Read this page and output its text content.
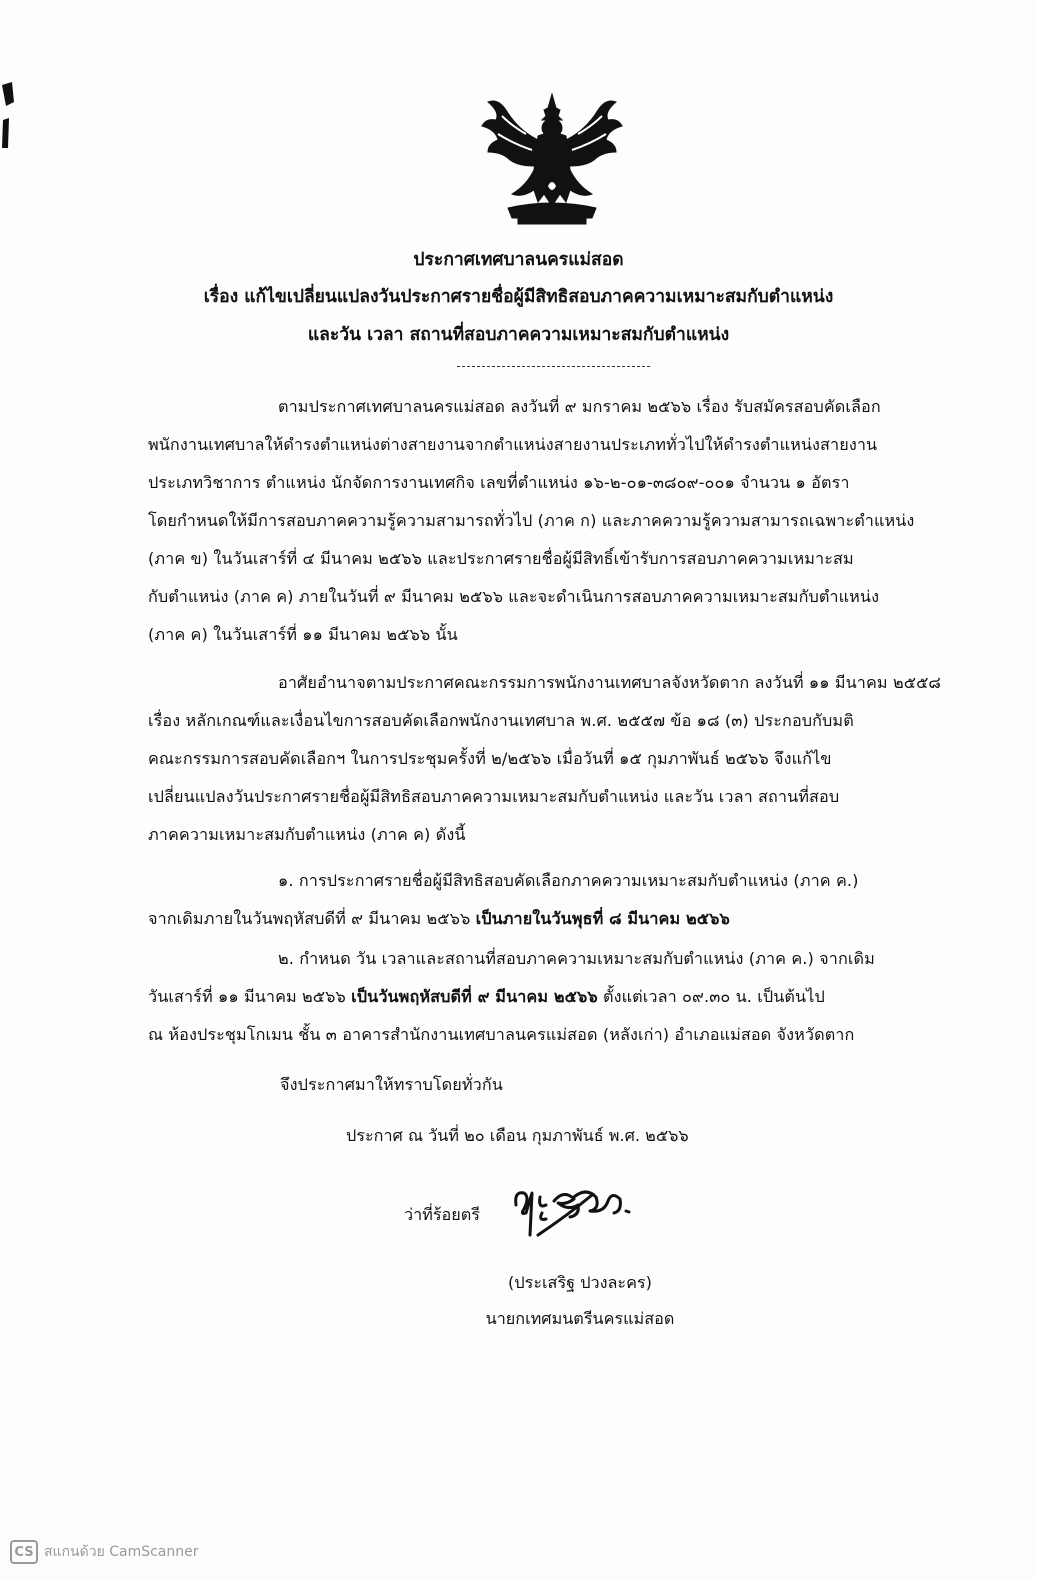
ประกาศเทศบาลนครแม่สอด
เรื่อง แก้ไขเปลี่ยนแปลงวันประกาศรายชื่อผู้มีสิทธิสอบภาคความเหมาะสมกับตำแหน่ง
และวัน เวลา สถานที่สอบภาคความเหมาะสมกับตำแหน่ง
ตามประกาศเทศบาลนครแม่สอด ลงวันที่ ๙ มกราคม ๒๕๖๖ เรื่อง รับสมัครสอบคัดเลือก
พนักงานเทศบาลให้ดำรงตำแหน่งต่างสายงานจากตำแหน่งสายงานประเภททั่วไปให้ดำรงตำแหน่งสายงาน
ประเภทวิชาการ ตำแหน่ง นักจัดการงานเทศกิจ เลขที่ตำแหน่ง ๑๖-๒-๐๑-๓๘๐๙-๐๐๑ จำนวน ๑ อัตรา
โดยกำหนดให้มีการสอบภาคความรู้ความสามารถทั่วไป (ภาค ก) และภาคความรู้ความสามารถเฉพาะตำแหน่ง
(ภาค ข) ในวันเสาร์ที่ ๔ มีนาคม ๒๕๖๖ และประกาศรายชื่อผู้มีสิทธิ์เข้ารับการสอบภาคความเหมาะสม
กับตำแหน่ง (ภาค ค) ภายในวันที่ ๙ มีนาคม ๒๕๖๖ และจะดำเนินการสอบภาคความเหมาะสมกับตำแหน่ง
(ภาค ค) ในวันเสาร์ที่ ๑๑ มีนาคม ๒๕๖๖ นั้น
อาศัยอำนาจตามประกาศคณะกรรมการพนักงานเทศบาลจังหวัดตาก ลงวันที่ ๑๑ มีนาคม ๒๕๕๘
เรื่อง หลักเกณฑ์และเงื่อนไขการสอบคัดเลือกพนักงานเทศบาล พ.ศ. ๒๕๕๗ ข้อ ๑๘ (๓) ประกอบกับมติ
คณะกรรมการสอบคัดเลือกฯ ในการประชุมครั้งที่ ๒/๒๕๖๖ เมื่อวันที่ ๑๕ กุมภาพันธ์ ๒๕๖๖ จึงแก้ไข
เปลี่ยนแปลงวันประกาศรายชื่อผู้มีสิทธิสอบภาคความเหมาะสมกับตำแหน่ง และวัน เวลา สถานที่สอบ
ภาคความเหมาะสมกับตำแหน่ง (ภาค ค) ดังนี้
๑. การประกาศรายชื่อผู้มีสิทธิสอบคัดเลือกภาคความเหมาะสมกับตำแหน่ง (ภาค ค.)
จากเดิมภายในวันพฤหัสบดีที่ ๙ มีนาคม ๒๕๖๖ เป็นภายในวันพุธที่ ๘ มีนาคม ๒๕๖๖
๒. กำหนด วัน เวลาและสถานที่สอบภาคความเหมาะสมกับตำแหน่ง (ภาค ค.) จากเดิม
วันเสาร์ที่ ๑๑ มีนาคม ๒๕๖๖ เป็นวันพฤหัสบดีที่ ๙ มีนาคม ๒๕๖๖ ตั้งแต่เวลา ๐๙.๓๐ น. เป็นต้นไป
ณ ห้องประชุมโกเมน ชั้น ๓ อาคารสำนักงานเทศบาลนครแม่สอด (หลังเก่า) อำเภอแม่สอด จังหวัดตาก
จึงประกาศมาให้ทราบโดยทั่วกัน
ประกาศ ณ วันที่ ๒๐ เดือน กุมภาพันธ์ พ.ศ. ๒๕๖๖
ว่าที่ร้อยตรี
(ประเสริฐ ปวงละคร)
นายกเทศมนตรีนครแม่สอด
CS สแกนด้วย CamScanner
